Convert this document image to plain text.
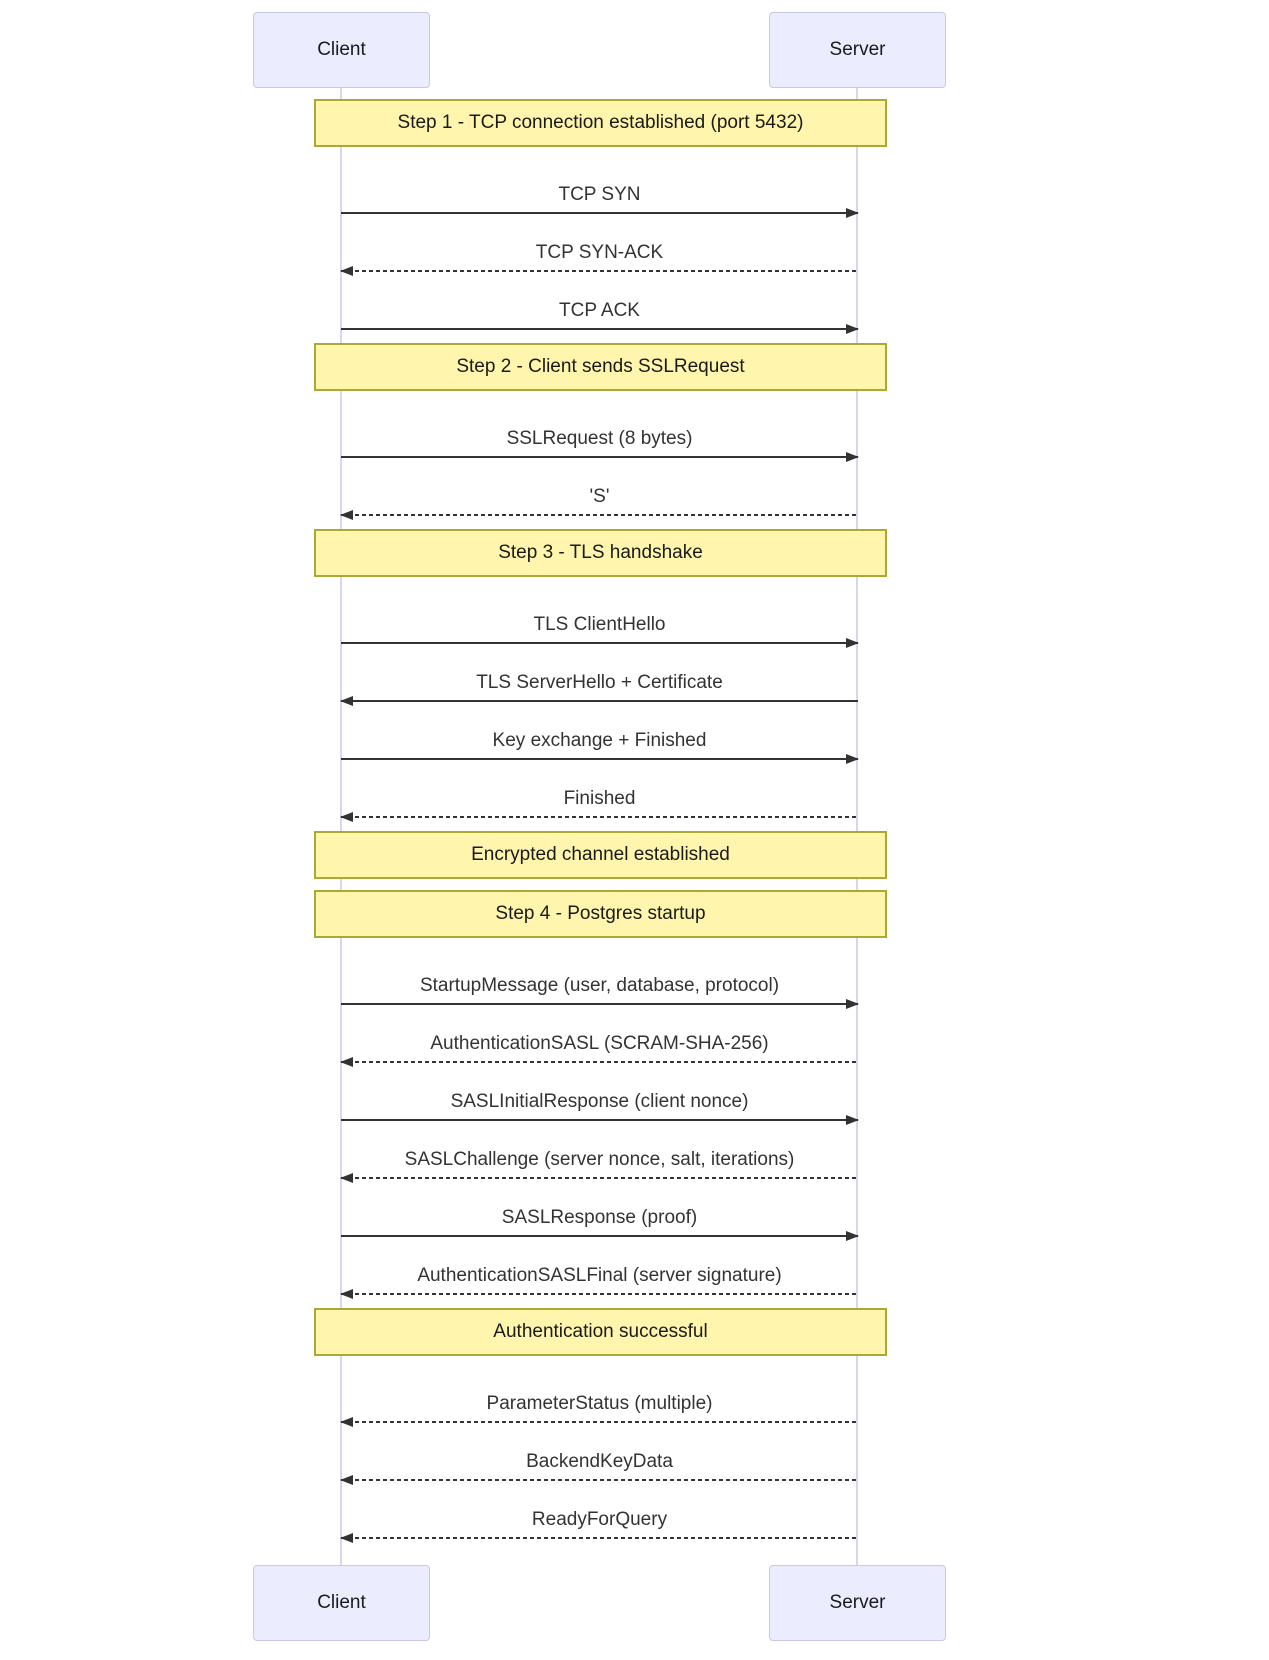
Client	Server
Client	Server
Step 1 - TCP connection established (port 5432)
TCP SYN
TCP SYN-ACK
TCP ACK
Step 2 - Client sends SSLRequest
SSLRequest (8 bytes)
'S'
Step 3 - TLS handshake
TLS ClientHello
TLS ServerHello + Certificate
Key exchange + Finished
Finished
Encrypted channel established
Step 4 - Postgres startup
StartupMessage (user, database, protocol)
AuthenticationSASL (SCRAM-SHA-256)
SASLInitialResponse (client nonce)
SASLChallenge (server nonce, salt, iterations)
SASLResponse (proof)
AuthenticationSASLFinal (server signature)
Authentication successful
ParameterStatus (multiple)
BackendKeyData
ReadyForQuery
